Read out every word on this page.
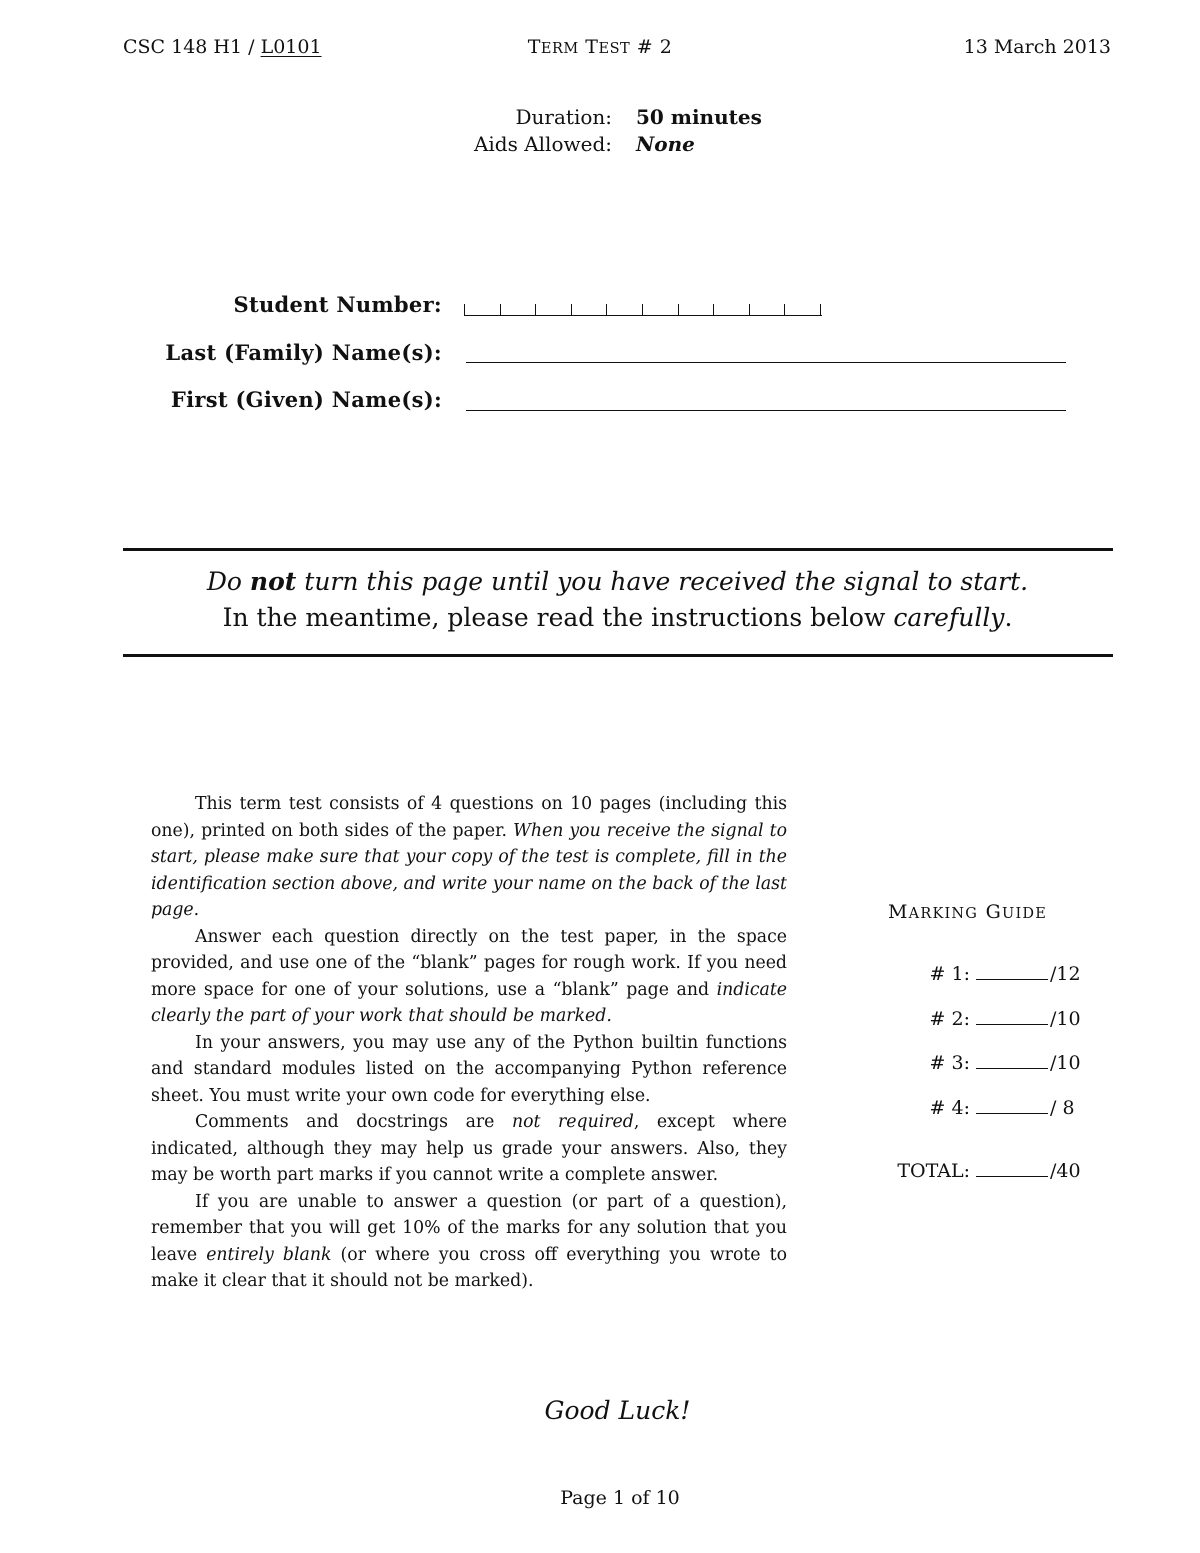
CSC 148 H1 / L0101	TERM TEST # 2	13 March 2013
Duration: 50 minutes
Aids Allowed: None
Student Number:
Last (Family) Name(s):
First (Given) Name(s):
Do not turn this page until you have received the signal to start.
In the meantime, please read the instructions below carefully.

This term test consists of 4 questions on 10 pages (including this one), printed on both sides of the paper. When you receive the signal to start, please make sure that your copy of the test is complete, fill in the identification section above, and write your name on the back of the last page.

Answer each question directly on the test paper, in the space provided, and use one of the “blank” pages for rough work. If you need more space for one of your solutions, use a “blank” page and indicate clearly the part of your work that should be marked.

In your answers, you may use any of the Python builtin functions and standard modules listed on the accompanying Python reference sheet. You must write your own code for everything else.

Comments and docstrings are not required, except where indicated, although they may help us grade your answers. Also, they may be worth part marks if you cannot write a complete answer.

If you are unable to answer a question (or part of a question), remember that you will get 10% of the marks for any solution that you leave entirely blank (or where you cross off everything you wrote to make it clear that it should not be marked).

MARKING GUIDE
# 1:	/12
# 2:	/10
# 3:	/10
# 4:	/ 8
TOTAL:	/40
Good Luck!
Page 1 of 10
